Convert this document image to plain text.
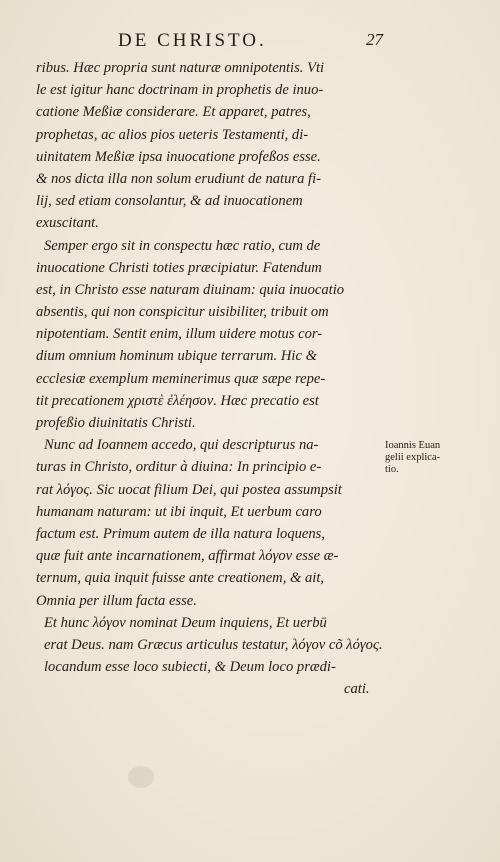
DE CHRISTO.	27
ribus. Hæc propria sunt naturæ omnipotentis. Vti
le est igitur hanc doctrinam in prophetis de inuo-
catione Meßiæ considerare. Et apparet, patres,
prophetas, ac alios pios ueteris Testamenti, di-
uinitatem Meßiæ ipsa inuocatione profeßos esse.
& nos dicta illa non solum erudiunt de natura fi-
lij, sed etiam consolantur, & ad inuocationem
exuscitant.
Semper ergo sit in conspectu hæc ratio, cum de
inuocatione Christi toties præcipiatur. Fatendum
est, in Christo esse naturam diuinam: quia inuocatio
absentis, qui non conspicitur uisibiliter, tribuit om
nipotentiam. Sentit enim, illum uidere motus cor-
dium omnium hominum ubique terrarum. Hic &
ecclesiæ exemplum meminerimus quæ sæpe repe-
tit precationem χριστὲ ἐλέησον. Hæc precatio est
profeßio diuinitatis Christi.
Nunc ad Ioannem accedo, qui descripturus na-
turas in Christo, orditur à diuina: In principio e-
rat λόγος. Sic uocat filium Dei, qui postea assumpsit
humanam naturam: ut ibi inquit, Et uerbum caro
factum est. Primum autem de illa natura loquens,
quæ fuit ante incarnationem, affirmat λόγον esse æ-
ternum, quia inquit fuisse ante creationem, & ait,
Omnia per illum facta esse.
Et hunc λόγον nominat Deum inquiens, Et uerbū
erat Deus. nam Græcus articulus testatur, λόγον cõ λόγος.
locandum esse loco subiecti, & Deum loco prædi-
cati.
Ioannis Euan
gelii explica-
tio.
